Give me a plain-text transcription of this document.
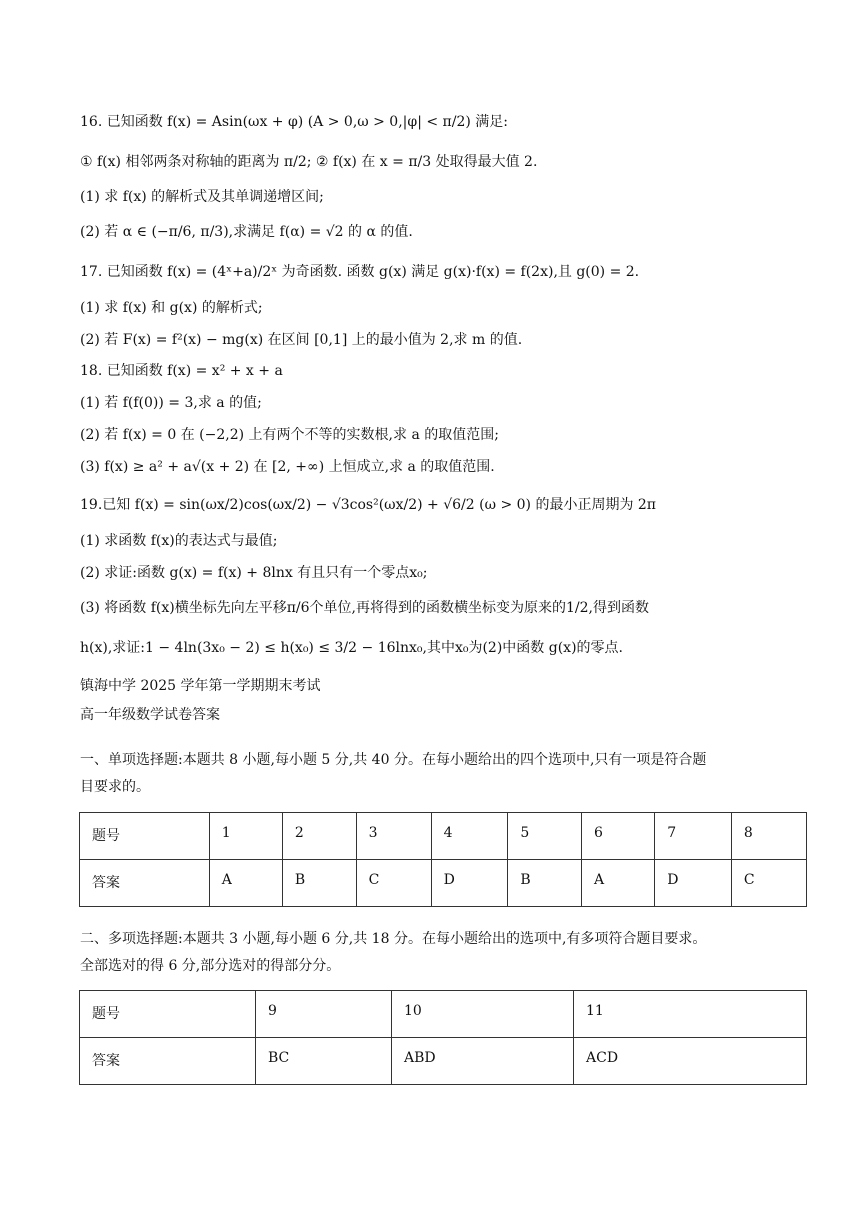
16. 已知函数 f(x) = Asin(ωx + φ) (A > 0,ω > 0,|φ| < π/2) 满足:
① f(x) 相邻两条对称轴的距离为 π/2; ② f(x) 在 x = π/3 处取得最大值 2.
(1) 求 f(x) 的解析式及其单调递增区间;
(2) 若 α ∈ (−π/6, π/3),求满足 f(α) = √2 的 α 的值.
17. 已知函数 f(x) = (4ˣ+a)/2ˣ 为奇函数. 函数 g(x) 满足 g(x)·f(x) = f(2x),且 g(0) = 2.
(1) 求 f(x) 和 g(x) 的解析式;
(2) 若 F(x) = f²(x) − mg(x) 在区间 [0,1] 上的最小值为 2,求 m 的值.
18. 已知函数 f(x) = x² + x + a
(1) 若 f(f(0)) = 3,求 a 的值;
(2) 若 f(x) = 0 在 (−2,2) 上有两个不等的实数根,求 a 的取值范围;
(3) f(x) ≥ a² + a√(x + 2) 在 [2, +∞) 上恒成立,求 a 的取值范围.
19.已知 f(x) = sin(ωx/2)cos(ωx/2) − √3cos²(ωx/2) + √6/2 (ω > 0) 的最小正周期为 2π
(1) 求函数 f(x)的表达式与最值;
(2) 求证:函数 g(x) = f(x) + 8lnx 有且只有一个零点x₀;
(3) 将函数 f(x)横坐标先向左平移π/6个单位,再将得到的函数横坐标变为原来的1/2,得到函数
h(x),求证:1 − 4ln(3x₀ − 2) ≤ h(x₀) ≤ 3/2 − 16lnx₀,其中x₀为(2)中函数 g(x)的零点.
镇海中学 2025 学年第一学期期末考试
高一年级数学试卷答案
一、单项选择题:本题共 8 小题,每小题 5 分,共 40 分。在每小题给出的四个选项中,只有一项是符合题
目要求的。
题号	1	2	3	4	5	6	7	8
答案	A	B	C	D	B	A	D	C
二、多项选择题:本题共 3 小题,每小题 6 分,共 18 分。在每小题给出的选项中,有多项符合题目要求。
全部选对的得 6 分,部分选对的得部分分。
题号	9	10	11
答案	BC	ABD	ACD
